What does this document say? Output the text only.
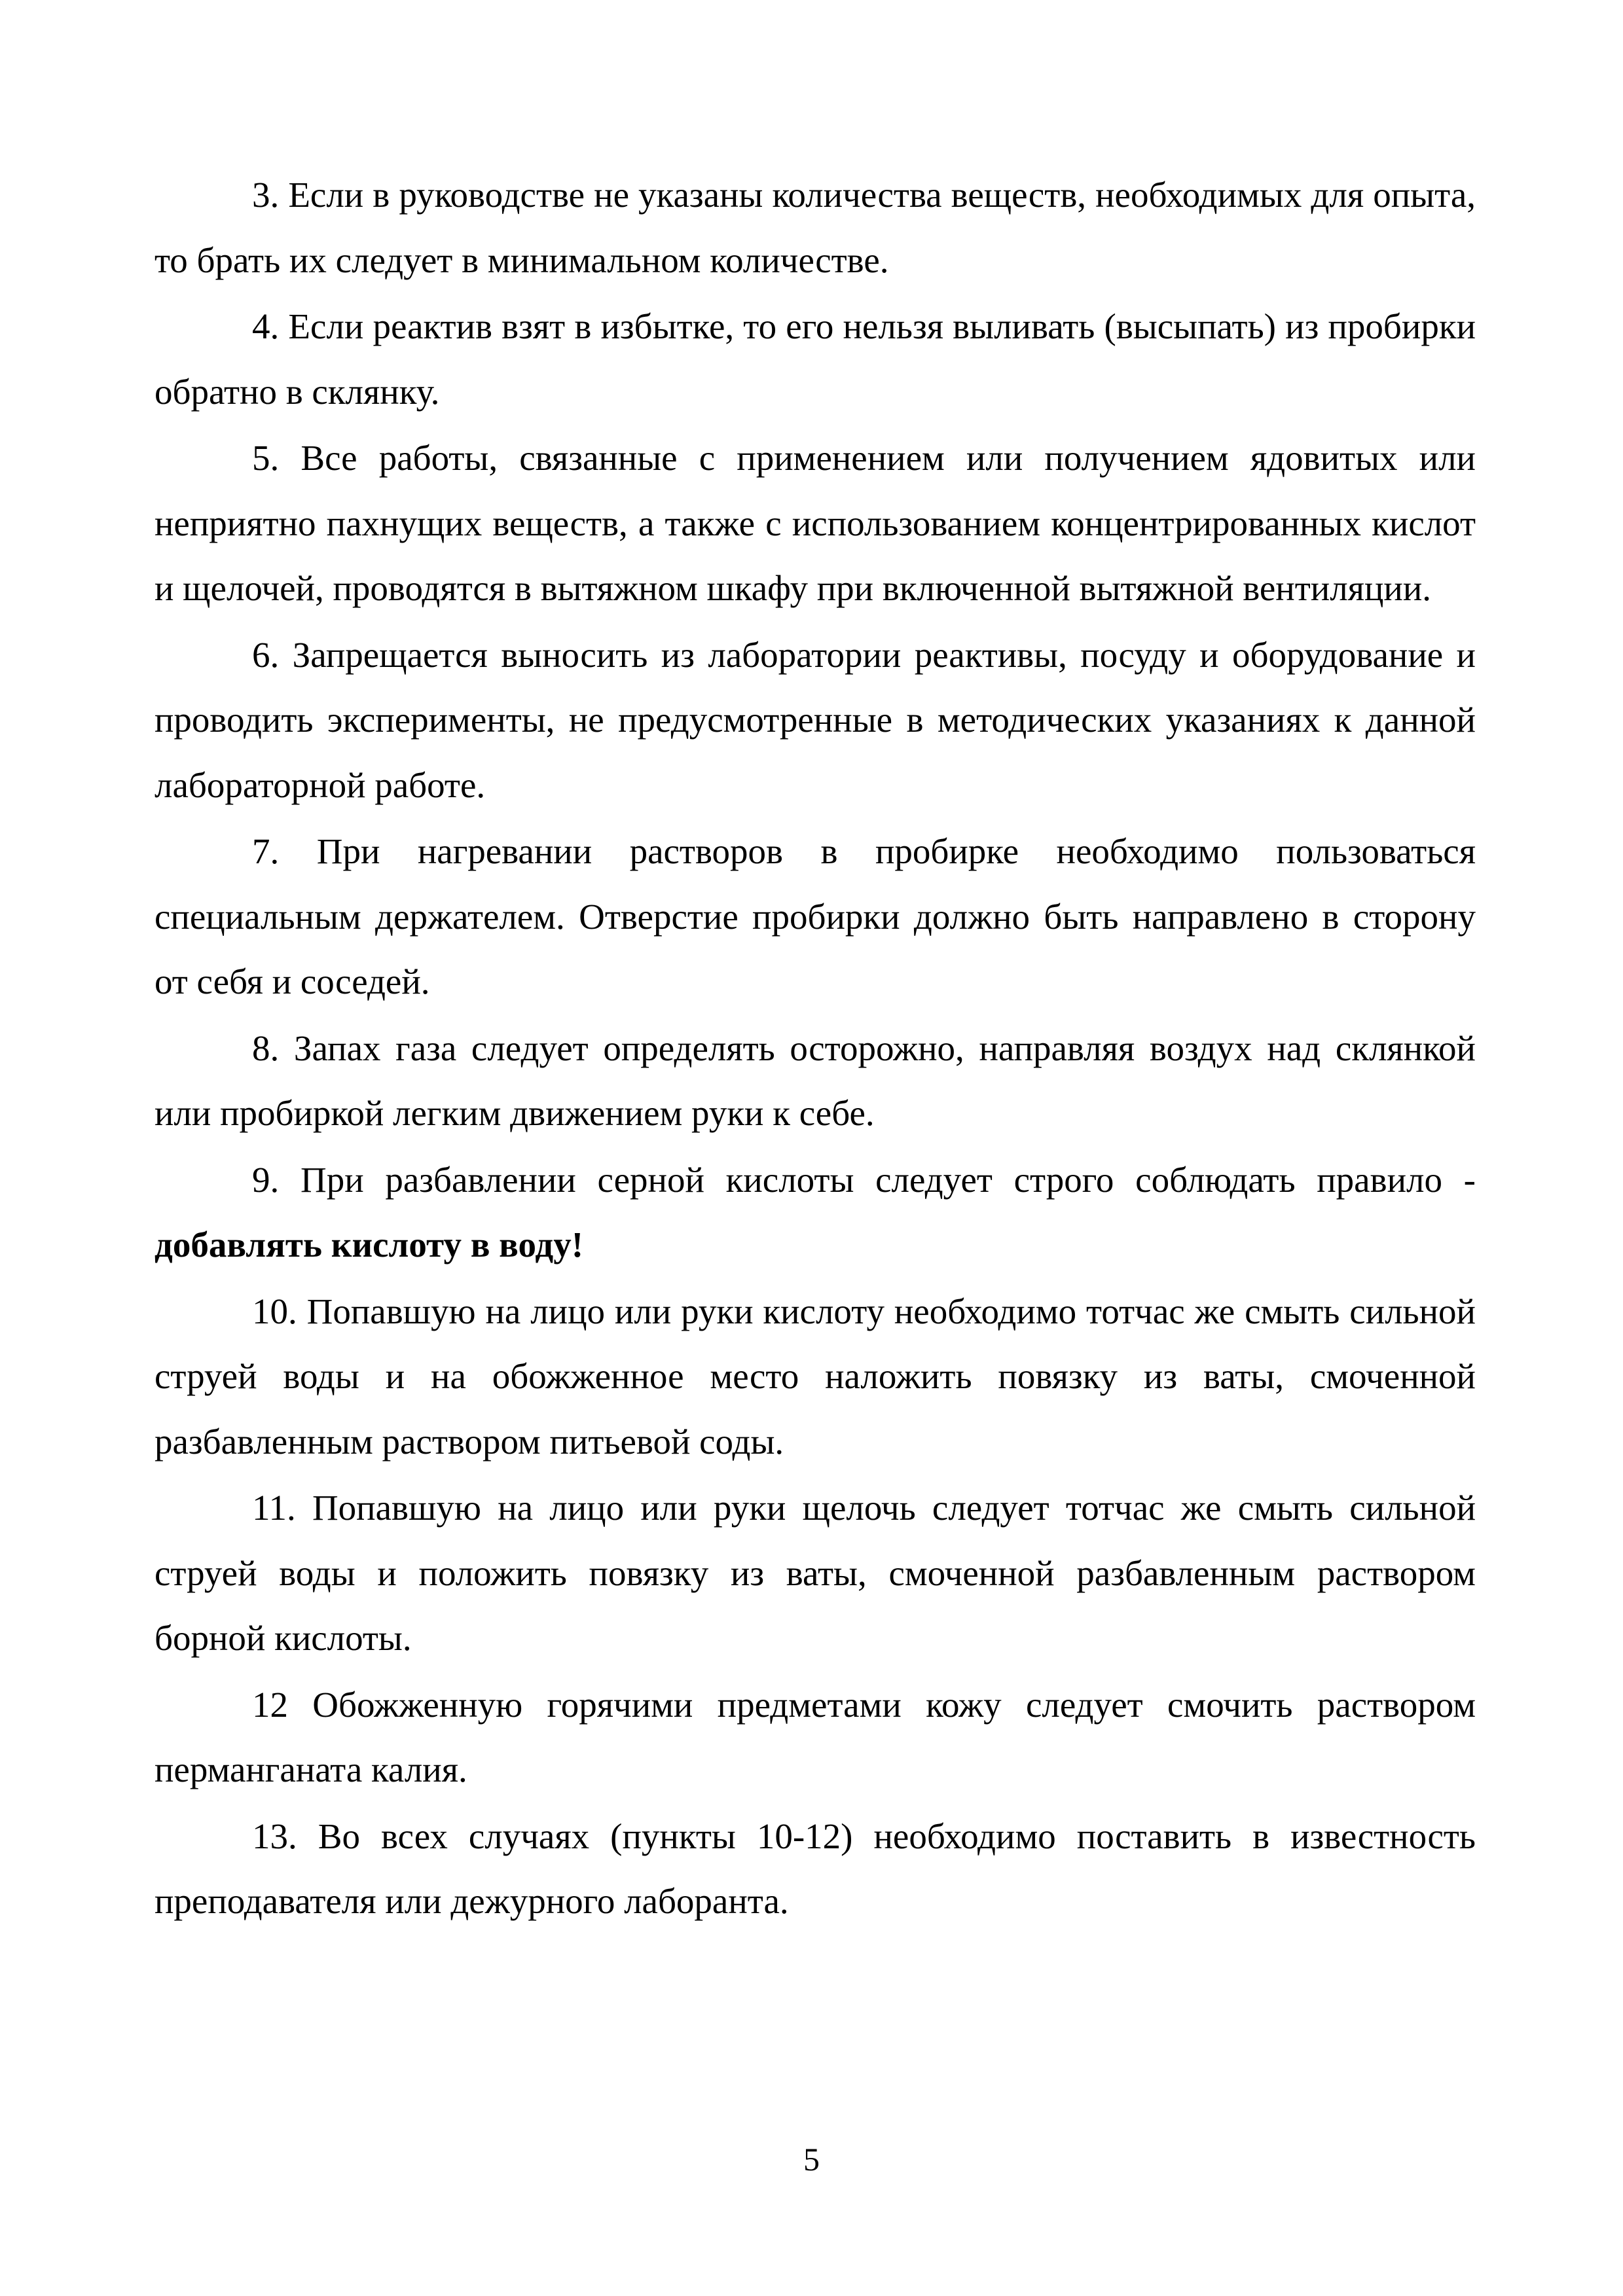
3. Если в руководстве не указаны количества веществ, необходимых для опыта, то брать их следует в минимальном количестве.

4. Если реактив взят в избытке, то его нельзя выливать (высыпать) из пробирки обратно в склянку.

5. Все работы, связанные с применением или получением ядовитых или неприятно пахнущих веществ, а также с использованием концентрированных кислот и щелочей, проводятся в вытяжном шкафу при включенной вытяжной вентиляции.

6. Запрещается выносить из лаборатории реактивы, посуду и оборудование и проводить эксперименты, не предусмотренные в методических указаниях к данной лабораторной работе.

7. При нагревании растворов в пробирке необходимо пользоваться специальным держателем. Отверстие пробирки должно быть направлено в сторону от себя и соседей.

8. Запах газа следует определять осторожно, направляя воздух над склянкой или пробиркой легким движением руки к себе.

9. При разбавлении серной кислоты следует строго соблюдать правило - добавлять кислоту в воду!

10. Попавшую на лицо или руки кислоту необходимо тотчас же смыть сильной струей воды и на обожженное место наложить повязку из ваты, смоченной разбавленным раствором питьевой соды.

11. Попавшую на лицо или руки щелочь следует тотчас же смыть сильной струей воды и положить повязку из ваты, смоченной разбавленным раствором борной кислоты.

12 Обожженную горячими предметами кожу следует смочить раствором перманганата калия.

13. Во всех случаях (пункты 10-12) необходимо поставить в известность преподавателя или дежурного лаборанта.

5
